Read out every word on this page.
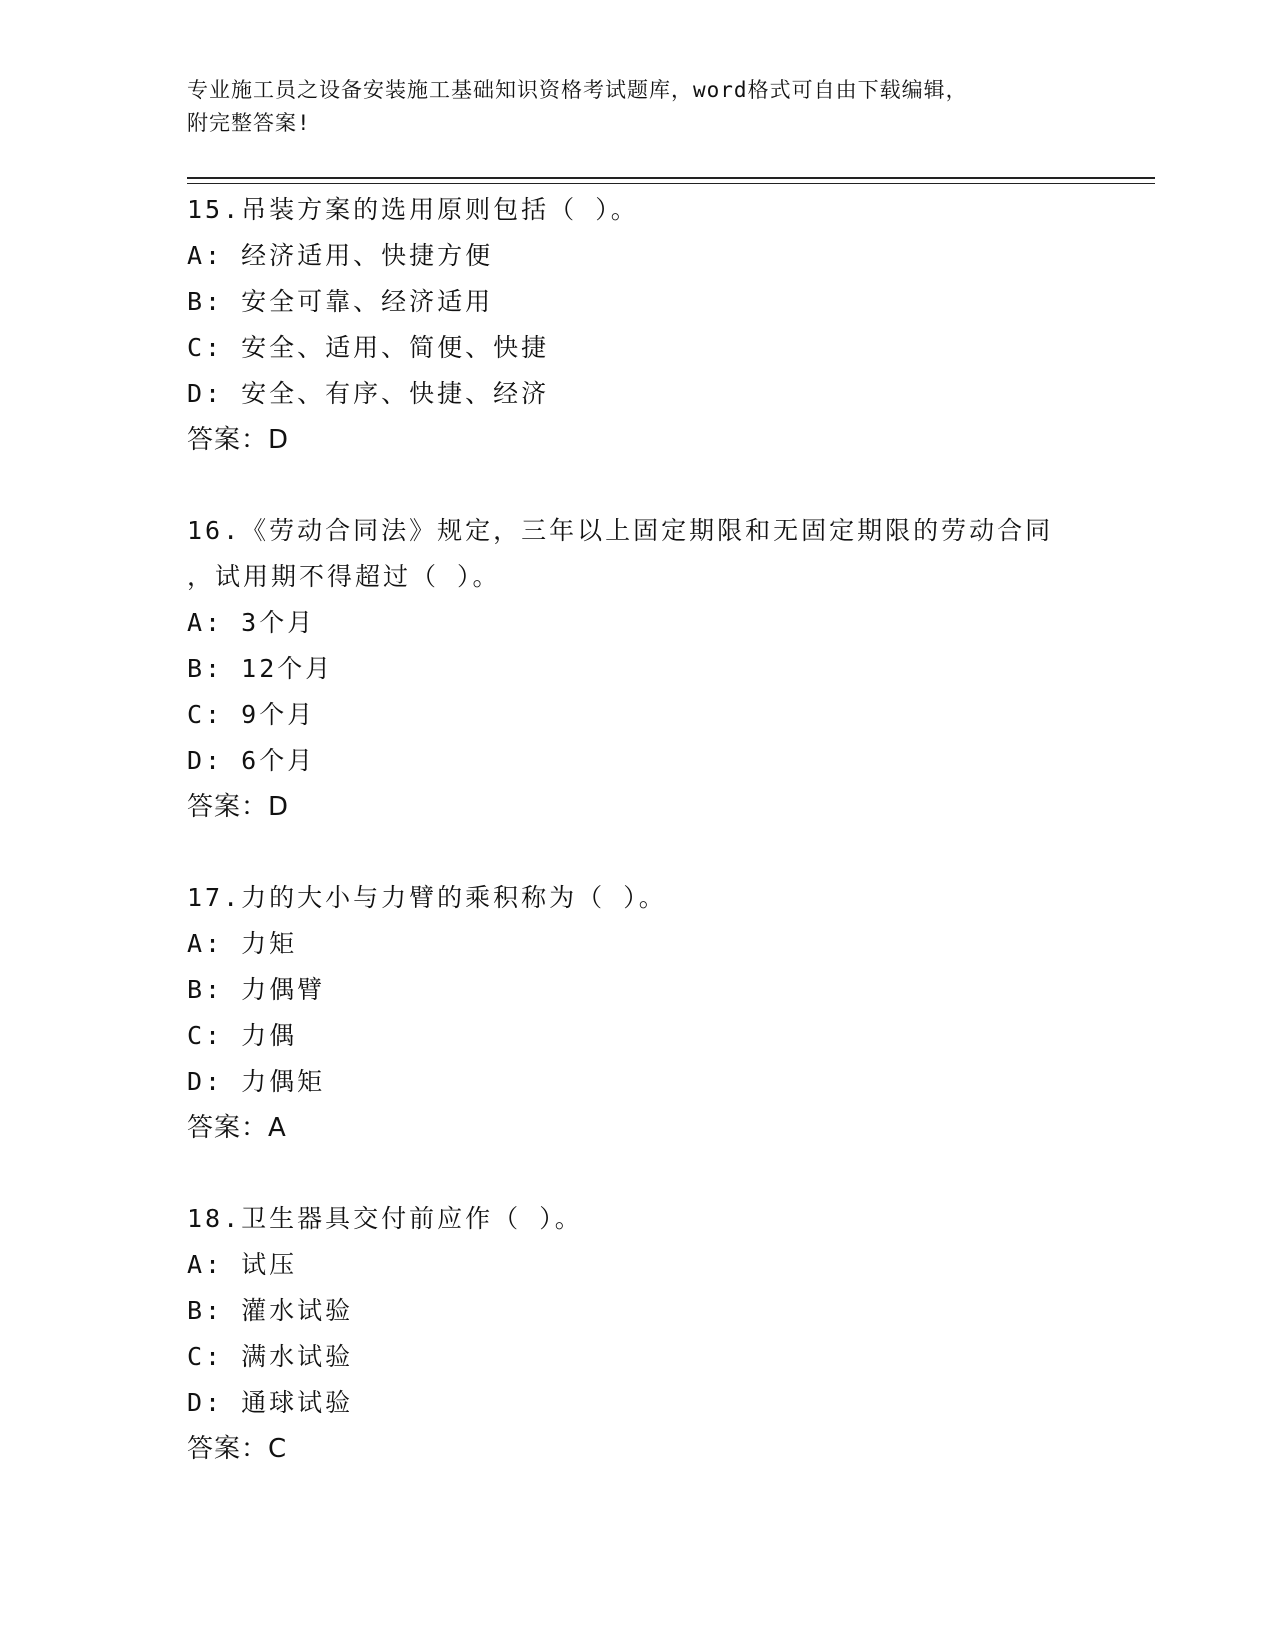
专业施工员之设备安装施工基础知识资格考试题库，word格式可自由下载编辑，
附完整答案!

15.吊装方案的选用原则包括（ ）。

A: 经济适用、快捷方便

B: 安全可靠、经济适用

C: 安全、适用、简便、快捷

D: 安全、有序、快捷、经济

答案：D

16.《劳动合同法》规定，三年以上固定期限和无固定期限的劳动合同

，试用期不得超过（ ）。

A: 3个月

B: 12个月

C: 9个月

D: 6个月

答案：D

17.力的大小与力臂的乘积称为（ ）。

A: 力矩

B: 力偶臂

C: 力偶

D: 力偶矩

答案：A

18.卫生器具交付前应作（ ）。

A: 试压

B: 灌水试验

C: 满水试验

D: 通球试验

答案：C
